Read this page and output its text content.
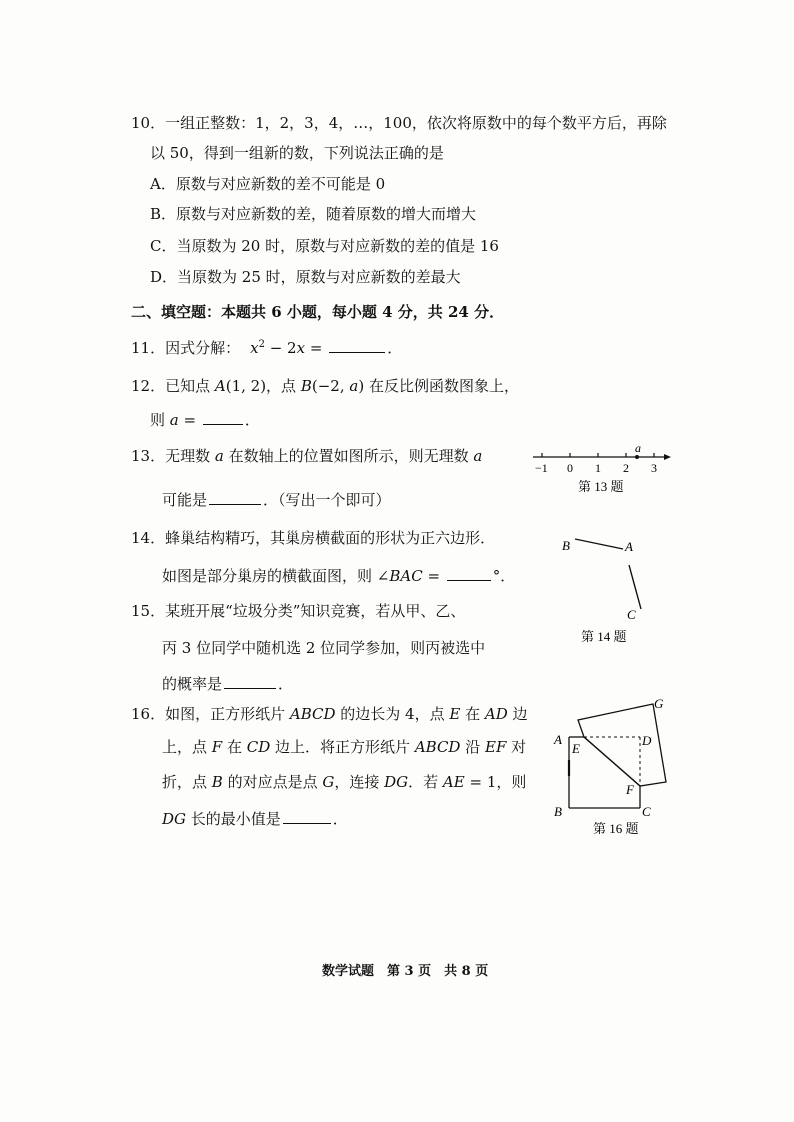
10．一组正整数：1，2，3，4，…，100，依次将原数中的每个数平方后，再除
以 50，得到一组新的数，下列说法正确的是
A．原数与对应新数的差不可能是 0
B．原数与对应新数的差，随着原数的增大而增大
C．当原数为 20 时，原数与对应新数的差的值是 16
D．当原数为 25 时，原数与对应新数的差最大
二、填空题：本题共 6 小题，每小题 4 分，共 24 分．
11．因式分解： $x^2 - 2x$ =	．
12．已知点 A(1, 2)，点 B(−2, a) 在反比例函数图象上，
则 a =	．
13．无理数 a 在数轴上的位置如图所示，则无理数 a
可能是	．（写出一个即可）
a
−1 0 1 2 3
第 13 题
14．蜂巢结构精巧，其巢房横截面的形状为正六边形．
如图是部分巢房的横截面图，则 ∠BAC =	°．
B	A
C
第 14 题
15．某班开展“垃圾分类”知识竞赛，若从甲、乙、
丙 3 位同学中随机选 2 位同学参加，则丙被选中
的概率是	．
16．如图，正方形纸片 ABCD 的边长为 4，点 E 在 AD 边
上，点 F 在 CD 边上．将正方形纸片 ABCD 沿 EF 对
折，点 B 的对应点是点 G，连接 DG．若 AE = 1，则
DG 长的最小值是	．
A
E
D
G
F
B	C
第 16 题
数学试题　第 3 页　共 8 页
